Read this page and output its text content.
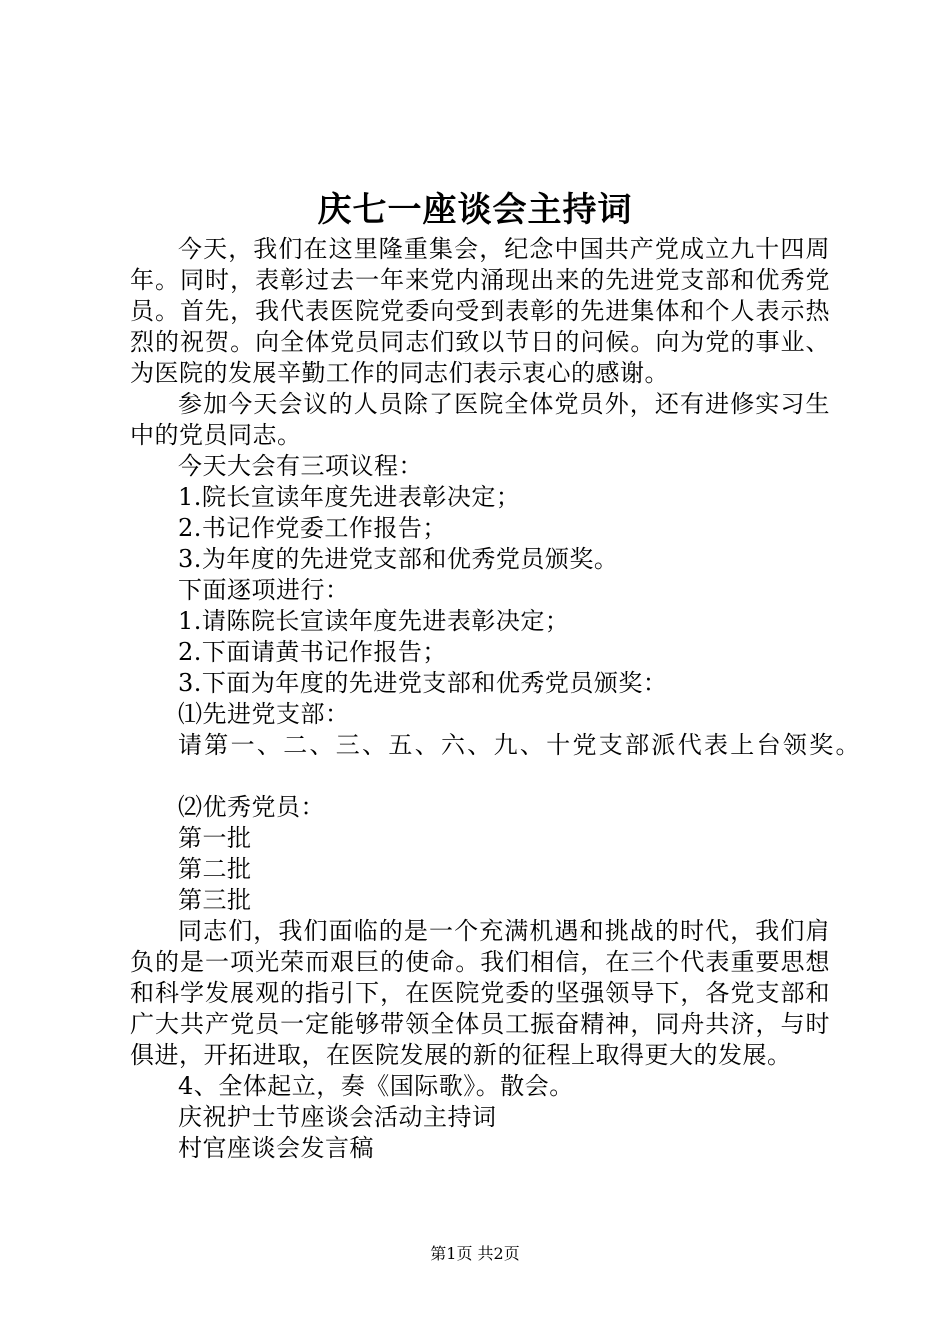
庆七一座谈会主持词

今天，我们在这里隆重集会，纪念中国共产党成立九十四周年。同时，表彰过去一年来党内涌现出来的先进党支部和优秀党员。首先，我代表医院党委向受到表彰的先进集体和个人表示热烈的祝贺。向全体党员同志们致以节日的问候。向为党的事业、为医院的发展辛勤工作的同志们表示衷心的感谢。

参加今天会议的人员除了医院全体党员外，还有进修实习生中的党员同志。

今天大会有三项议程：

1.院长宣读年度先进表彰决定；

2.书记作党委工作报告；

3.为年度的先进党支部和优秀党员颁奖。

下面逐项进行：

1.请陈院长宣读年度先进表彰决定；

2.下面请黄书记作报告；

3.下面为年度的先进党支部和优秀党员颁奖：

⑴先进党支部：

请第一、二、三、五、六、九、十党支部派代表上台领奖。

⑵优秀党员：

第一批

第二批

第三批

同志们，我们面临的是一个充满机遇和挑战的时代，我们肩负的是一项光荣而艰巨的使命。我们相信，在三个代表重要思想和科学发展观的指引下，在医院党委的坚强领导下，各党支部和广大共产党员一定能够带领全体员工振奋精神，同舟共济，与时俱进，开拓进取，在医院发展的新的征程上取得更大的发展。

4、全体起立，奏《国际歌》。散会。

庆祝护士节座谈会活动主持词

村官座谈会发言稿

第1页 共2页
